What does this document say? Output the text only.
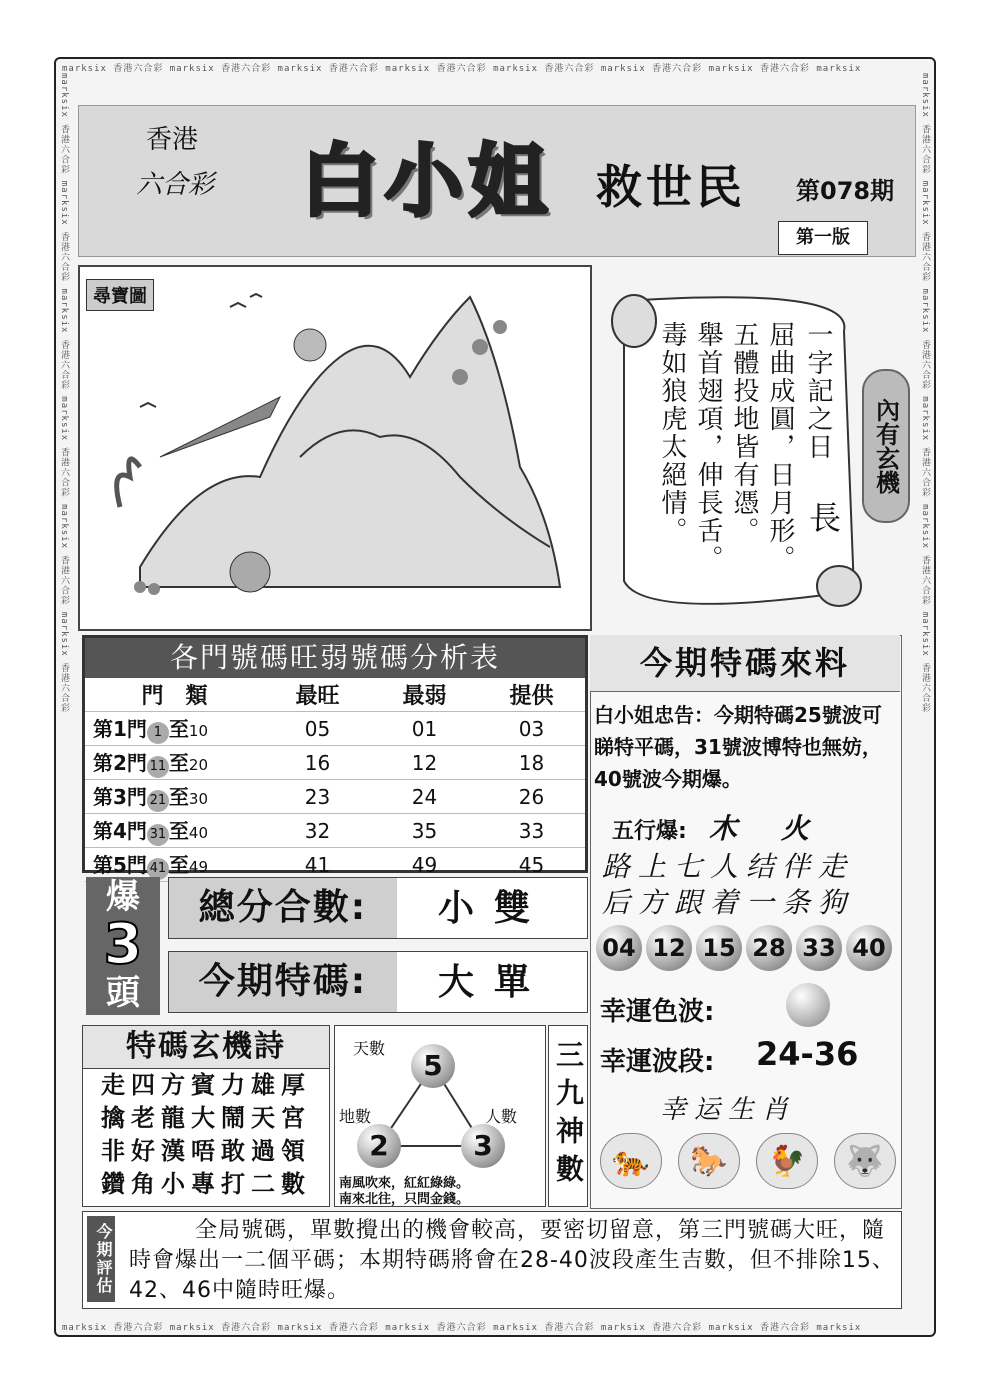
marksix 香港六合彩 marksix 香港六合彩 marksix 香港六合彩 marksix 香港六合彩 marksix 香港六合彩 marksix 香港六合彩 marksix 香港六合彩 marksix
marksix 香港六合彩 marksix 香港六合彩 marksix 香港六合彩 marksix 香港六合彩 marksix 香港六合彩 marksix 香港六合彩 marksix 香港六合彩 marksix
marksix 香港六合彩 marksix 香港六合彩 marksix 香港六合彩 marksix 香港六合彩 marksix 香港六合彩 marksix 香港六合彩	marksix 香港六合彩 marksix 香港六合彩 marksix 香港六合彩 marksix 香港六合彩 marksix 香港六合彩 marksix 香港六合彩
香港
六合彩 白小姐 救世民 第078期
第一版
尋寶圖
一字記之日
長
屈曲成圓，日月形。
五體投地皆有憑。
舉首翅項，伸長舌。
毒如狼虎太絕情。	內有玄機
各門號碼旺弱號碼分析表
門　類	最旺	最弱	提供
第1門 1 至10	05	01	03
第2門 11 至20	16	12	18
第3門 21 至30	23	24	26
第4門 31 至40	32	35	33
第5門 41 至49	41	49	45
今期特碼來料
白小姐忠告：今期特碼25號波可睇特平碼，31號波博特也無妨，40號波今期爆。
五行爆:　 木　火
路上七人结伴走
后方跟着一条狗
04 12 15 28 33 40
幸運色波:
幸運波段: 24-36
幸运生肖
🐅 🐎 🐓 🐺
爆
3
頭
總分合數:	小雙
今期特碼:	大單
特碼玄機詩
走四方賓力雄厚
擒老龍大鬧天宮
非好漢唔敢過領
鑽角小專打二數
天數
5
地數
2
人數
3
南風吹來，紅紅綠綠。
南來北往，只問金錢。
三九神數
今期評估	全局號碼，單數攪出的機會較高，要密切留意，第三門號碼大旺，隨時會爆出一二個平碼；本期特碼將會在28-40波段產生吉數，但不排除15、42、46中隨時旺爆。
